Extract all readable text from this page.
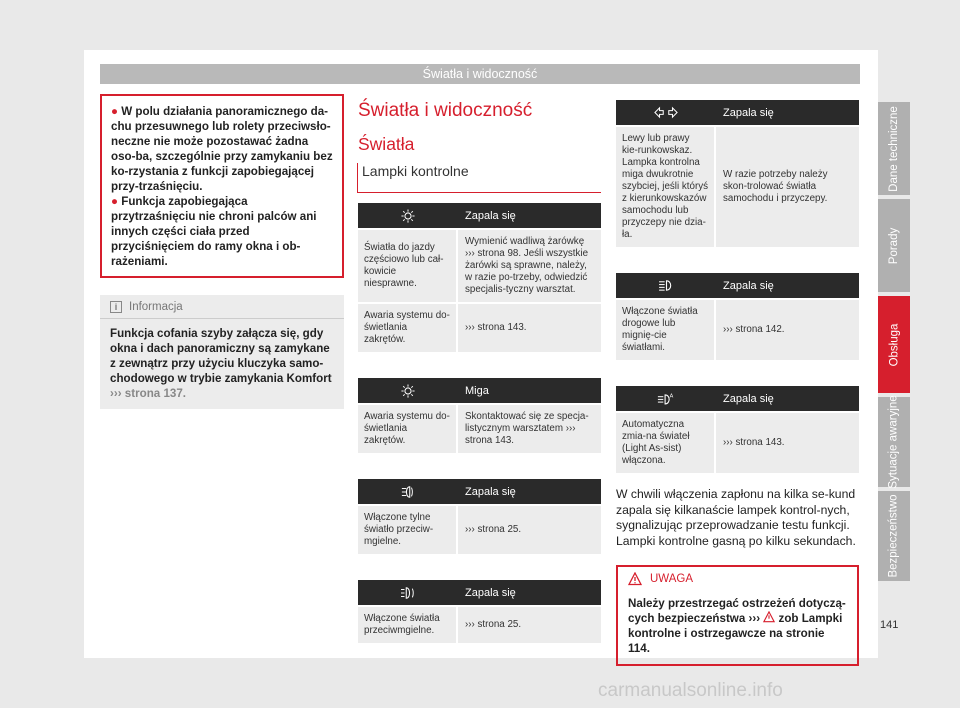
Światła i widoczność
● W polu działania panoramicznego da-chu przesuwnego lub rolety przeciwsło-neczne nie może pozostawać żadna oso-ba, szczególnie przy zamykaniu bez ko-rzystania z funkcji zapobiegającej przy-trzaśnięciu.
● Funkcja zapobiegająca przytrzaśnięciu nie chroni palców ani innych części ciała przed przyciśnięciem do ramy okna i ob-rażeniami.
i	Informacja
Funkcja cofania szyby załącza się, gdy okna i dach panoramiczny są zamykane z zewnątrz przy użyciu kluczyka samo-chodowego w trybie zamykania Komfort ››› strona 137.
Światła i widoczność
Światła
Lampki kontrolne
Zapala się
Światła do jazdy częściowo lub cał-kowicie niesprawne.
Wymienić wadliwą żarówkę ››› strona 98. Jeśli wszystkie żarówki są sprawne, należy, w razie po-trzeby, odwiedzić specjalis-tyczny warsztat.
Awaria systemu do-świetlania zakrętów.
››› strona 143.
Miga
Awaria systemu do-świetlania zakrętów.
Skontaktować się ze specja-listycznym warsztatem ››› strona 143.
Zapala się
Włączone tylne światło przeciw-mgielne.
››› strona 25.
Zapala się
Włączone światła przeciwmgielne.
››› strona 25.
Zapala się
Lewy lub prawy kie-runkowskaz. Lampka kontrolna miga dwukrotnie szybciej, jeśli któryś z kierunkowskazów samochodu lub przyczepy nie dzia-ła.
W razie potrzeby należy skon-trolować światła samochodu i przyczepy.
Zapala się
Włączone światła drogowe lub mignię-cie światłami.
››› strona 142.
A	Zapala się
Automatyczna zmia-na świateł (Light As-sist) włączona.
››› strona 143.
W chwili włączenia zapłonu na kilka se-kund zapala się kilkanaście lampek kontrol-nych, sygnalizując przeprowadzanie testu funkcji. Lampki kontrolne gasną po kilku sekundach.
UWAGA
Należy przestrzegać ostrzeżeń dotyczą-cych bezpieczeństwa ›››  zob Lampki kontrolne i ostrzegawcze na stronie 114.
Dane techniczne
Porady
Obsługa
Sytuacje awaryjne
Bezpieczeństwo
141
carmanualsonline.info
